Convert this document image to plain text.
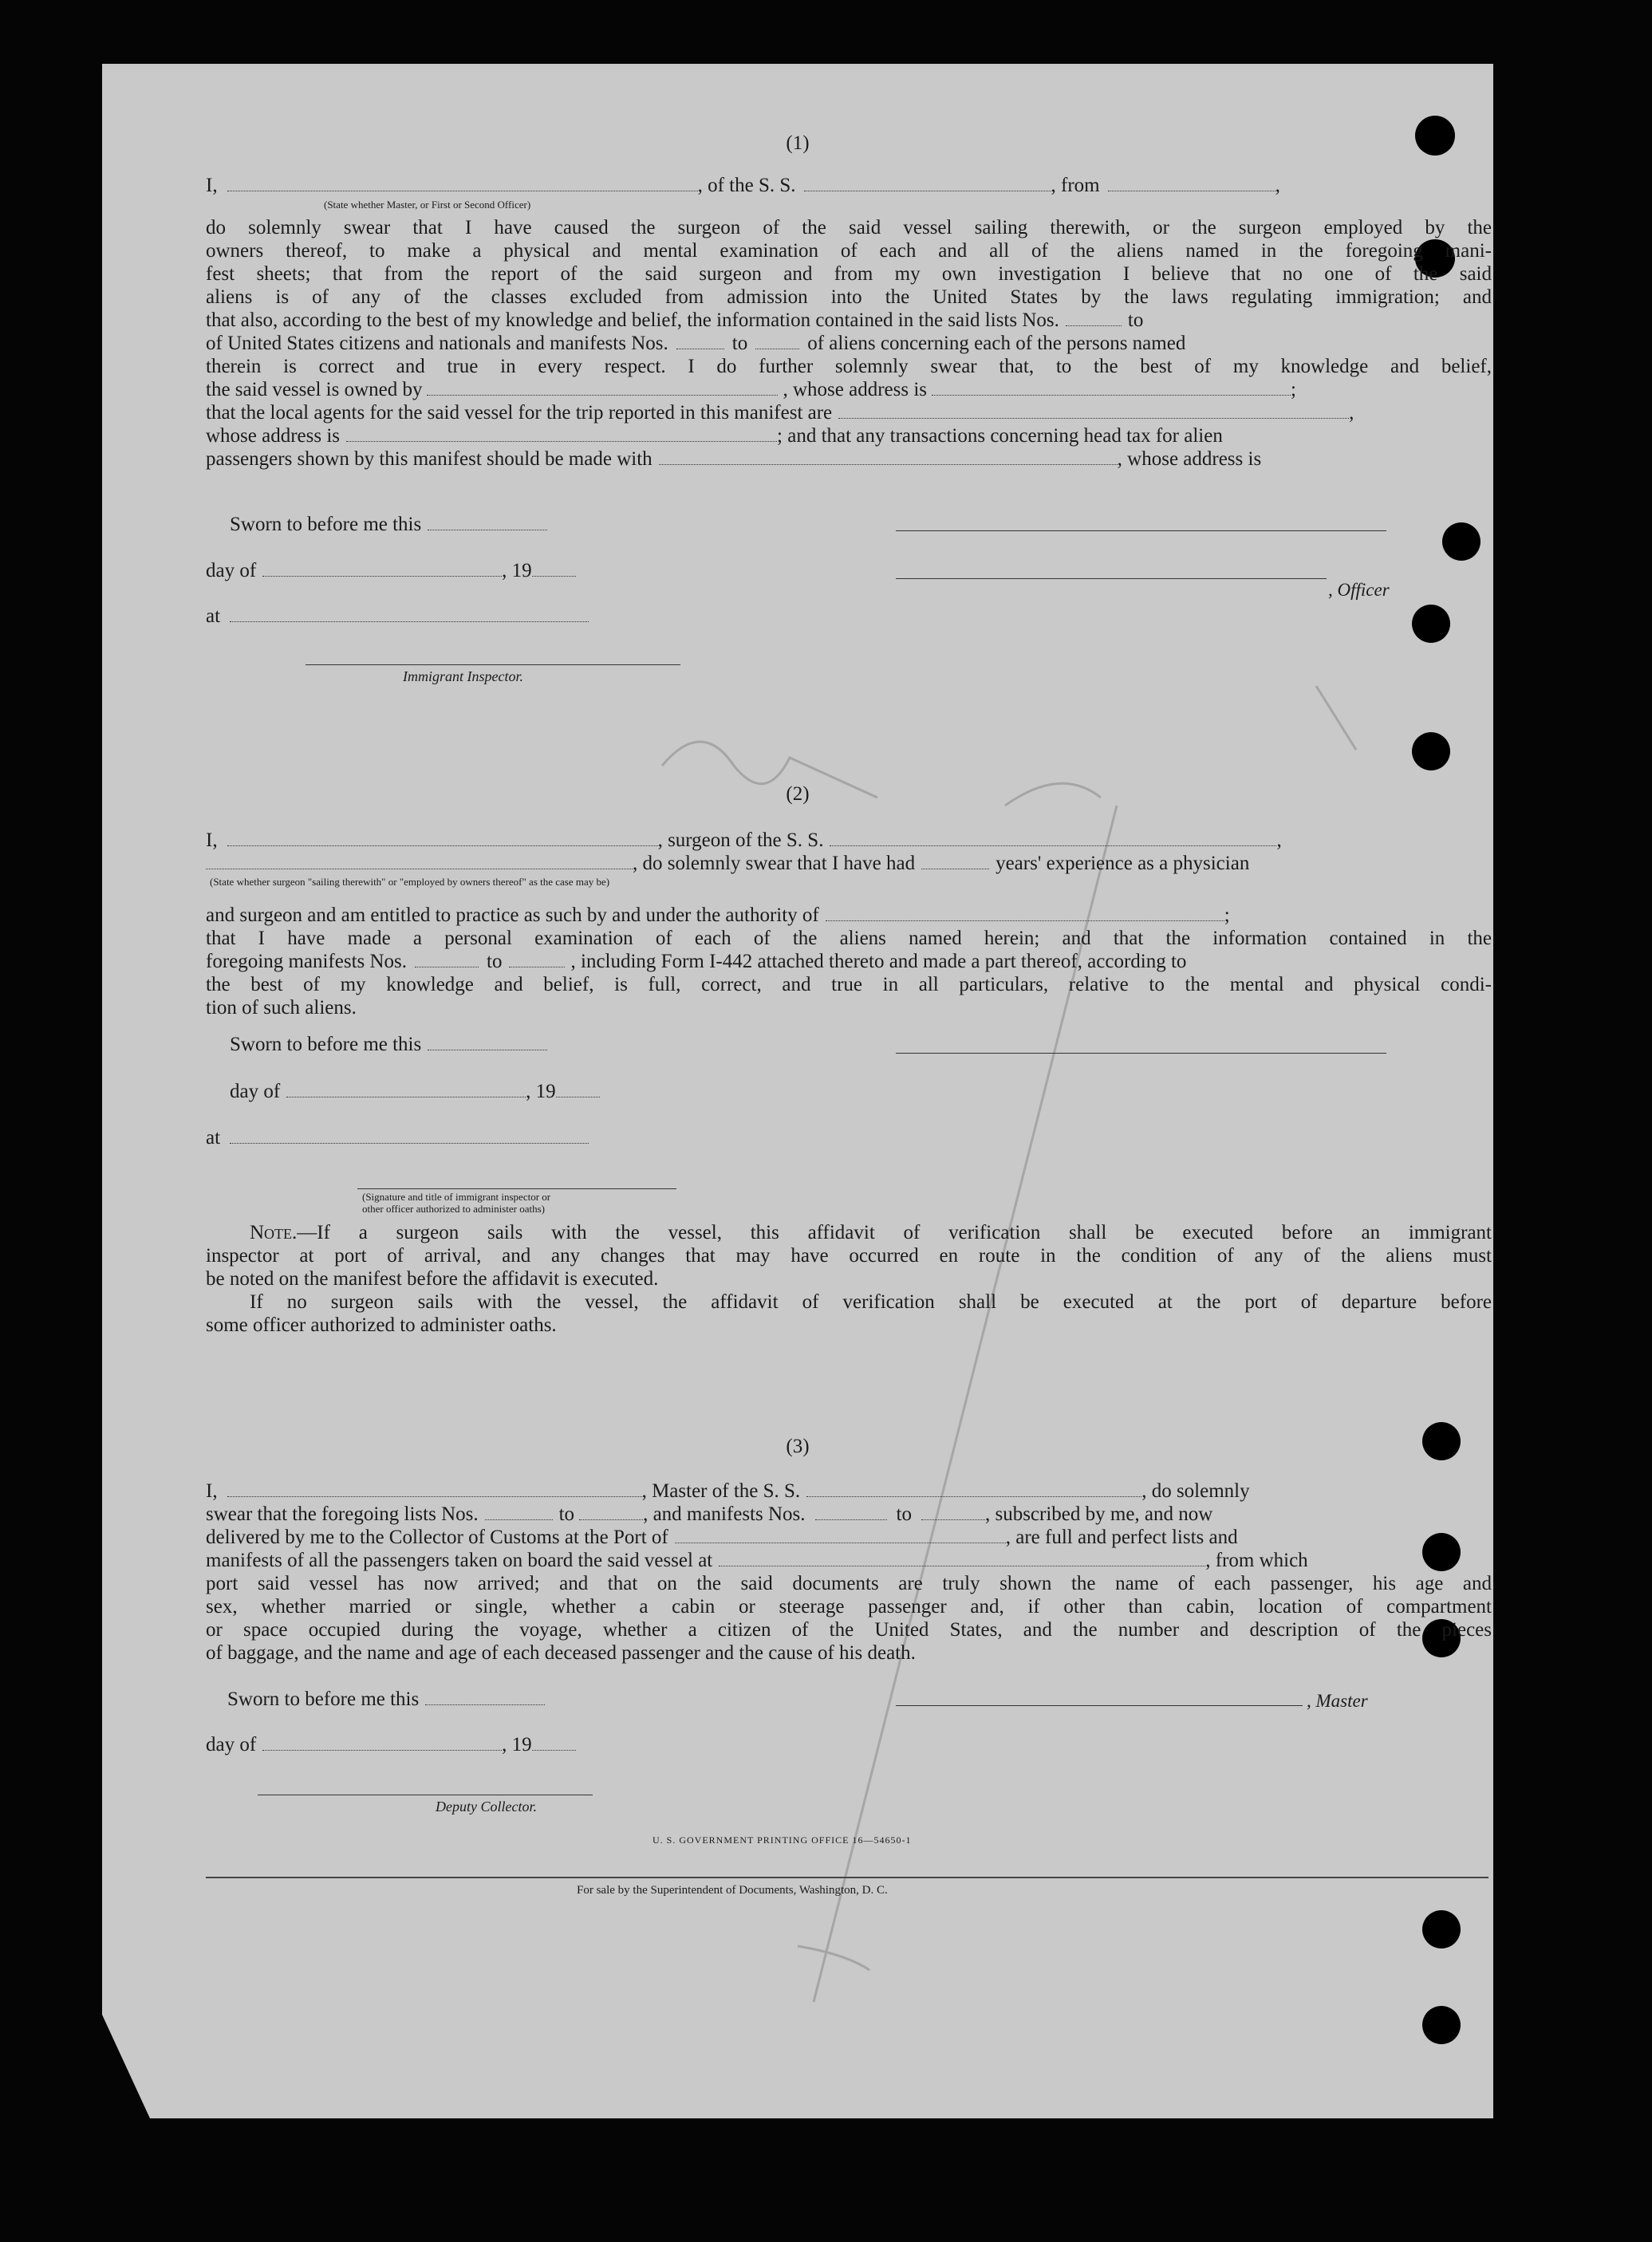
(1)
I,	, of the S. S.	, from	,
(State whether Master, or First or Second Officer)
do solemnly swear that I have caused the surgeon of the said vessel sailing therewith, or the surgeon employed by the
owners thereof, to make a physical and mental examination of each and all of the aliens named in the foregoing mani-
fest sheets; that from the report of the said surgeon and from my own investigation I believe that no one of the said
aliens is of any of the classes excluded from admission into the United States by the laws regulating immigration; and
that also, according to the best of my knowledge and belief, the information contained in the said lists Nos.	to
of United States citizens and nationals and manifests Nos.	to	of aliens concerning each of the persons named
therein is correct and true in every respect. I do further solemnly swear that, to the best of my knowledge and belief,
the said vessel is owned by	, whose address is	;
that the local agents for the said vessel for the trip reported in this manifest are	,
whose address is	; and that any transactions concerning head tax for alien
passengers shown by this manifest should be made with	, whose address is
Sworn to before me this
day of	, 19
, Officer
at
Immigrant Inspector.
(2)
I,	, surgeon of the S. S.	,
, do solemnly swear that I have had	years' experience as a physician
(State whether surgeon "sailing therewith" or "employed by owners thereof" as the case may be)
and surgeon and am entitled to practice as such by and under the authority of	;
that I have made a personal examination of each of the aliens named herein; and that the information contained in the
foregoing manifests Nos.	to	, including Form I-442 attached thereto and made a part thereof, according to
the best of my knowledge and belief, is full, correct, and true in all particulars, relative to the mental and physical condi-
tion of such aliens.
Sworn to before me this
day of	, 19
at
(Signature and title of immigrant inspector or
other officer authorized to administer oaths)
Note.—If a surgeon sails with the vessel, this affidavit of verification shall be executed before an immigrant
inspector at port of arrival, and any changes that may have occurred en route in the condition of any of the aliens must
be noted on the manifest before the affidavit is executed.
If no surgeon sails with the vessel, the affidavit of verification shall be executed at the port of departure before
some officer authorized to administer oaths.
(3)
I,	, Master of the S. S.	, do solemnly
swear that the foregoing lists Nos.	to	, and manifests Nos.	to	, subscribed by me, and now
delivered by me to the Collector of Customs at the Port of	, are full and perfect lists and
manifests of all the passengers taken on board the said vessel at	, from which
port said vessel has now arrived; and that on the said documents are truly shown the name of each passenger, his age and
sex, whether married or single, whether a cabin or steerage passenger and, if other than cabin, location of compartment
or space occupied during the voyage, whether a citizen of the United States, and the number and description of the pieces
of baggage, and the name and age of each deceased passenger and the cause of his death.
Sworn to before me this	, Master
day of	, 19
Deputy Collector.
U. S. GOVERNMENT PRINTING OFFICE 16—54650-1
For sale by the Superintendent of Documents, Washington, D. C.
